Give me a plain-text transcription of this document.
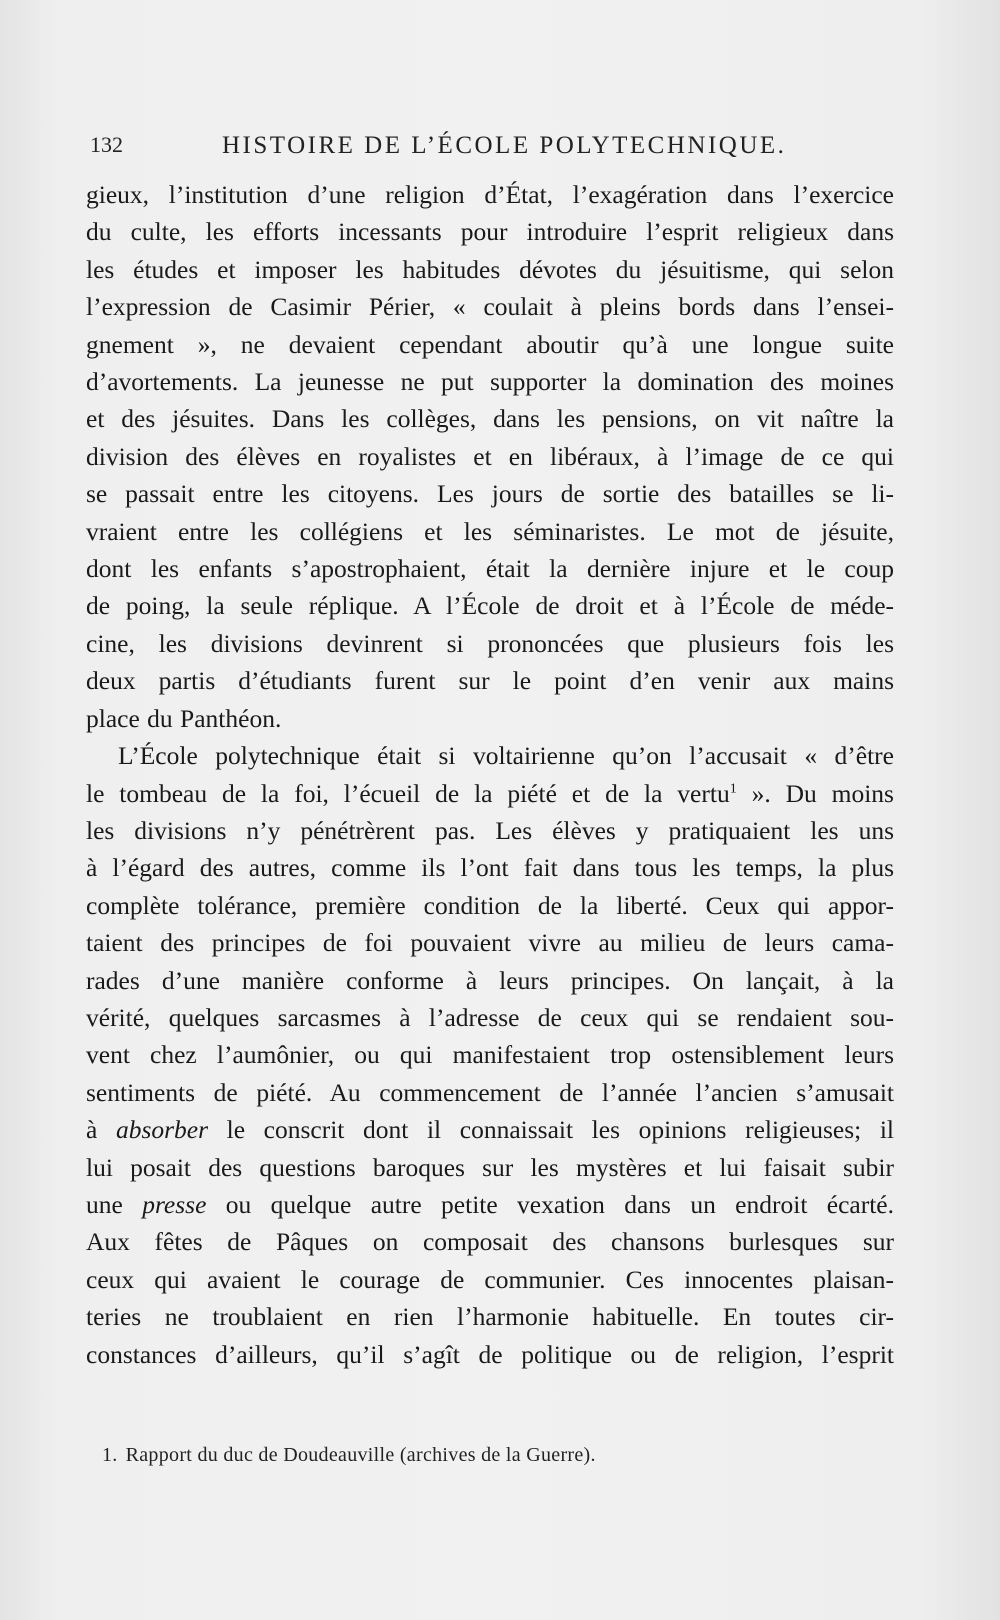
132	HISTOIRE DE L’ÉCOLE POLYTECHNIQUE.
gieux, l’institution d’une religion d’État, l’exagération dans l’exercice
du culte, les efforts incessants pour introduire l’esprit religieux dans
les études et imposer les habitudes dévotes du jésuitisme, qui selon
l’expression de Casimir Périer, « coulait à pleins bords dans l’ensei-
gnement », ne devaient cependant aboutir qu’à une longue suite
d’avortements. La jeunesse ne put supporter la domination des moines
et des jésuites. Dans les collèges, dans les pensions, on vit naître la
division des élèves en royalistes et en libéraux, à l’image de ce qui
se passait entre les citoyens. Les jours de sortie des batailles se li-
vraient entre les collégiens et les séminaristes. Le mot de jésuite,
dont les enfants s’apostrophaient, était la dernière injure et le coup
de poing, la seule réplique. A l’École de droit et à l’École de méde-
cine, les divisions devinrent si prononcées que plusieurs fois les
deux partis d’étudiants furent sur le point d’en venir aux mains
place du Panthéon.
L’École polytechnique était si voltairienne qu’on l’accusait « d’être
le tombeau de la foi, l’écueil de la piété et de la vertu$^1$ ». Du moins
les divisions n’y pénétrèrent pas. Les élèves y pratiquaient les uns
à l’égard des autres, comme ils l’ont fait dans tous les temps, la plus
complète tolérance, première condition de la liberté. Ceux qui appor-
taient des principes de foi pouvaient vivre au milieu de leurs cama-
rades d’une manière conforme à leurs principes. On lançait, à la
vérité, quelques sarcasmes à l’adresse de ceux qui se rendaient sou-
vent chez l’aumônier, ou qui manifestaient trop ostensiblement leurs
sentiments de piété. Au commencement de l’année l’ancien s’amusait
à absorber le conscrit dont il connaissait les opinions religieuses; il
lui posait des questions baroques sur les mystères et lui faisait subir
une presse ou quelque autre petite vexation dans un endroit écarté.
Aux fêtes de Pâques on composait des chansons burlesques sur
ceux qui avaient le courage de communier. Ces innocentes plaisan-
teries ne troublaient en rien l’harmonie habituelle. En toutes cir-
constances d’ailleurs, qu’il s’agît de politique ou de religion, l’esprit
1. Rapport du duc de Doudeauville (archives de la Guerre).
